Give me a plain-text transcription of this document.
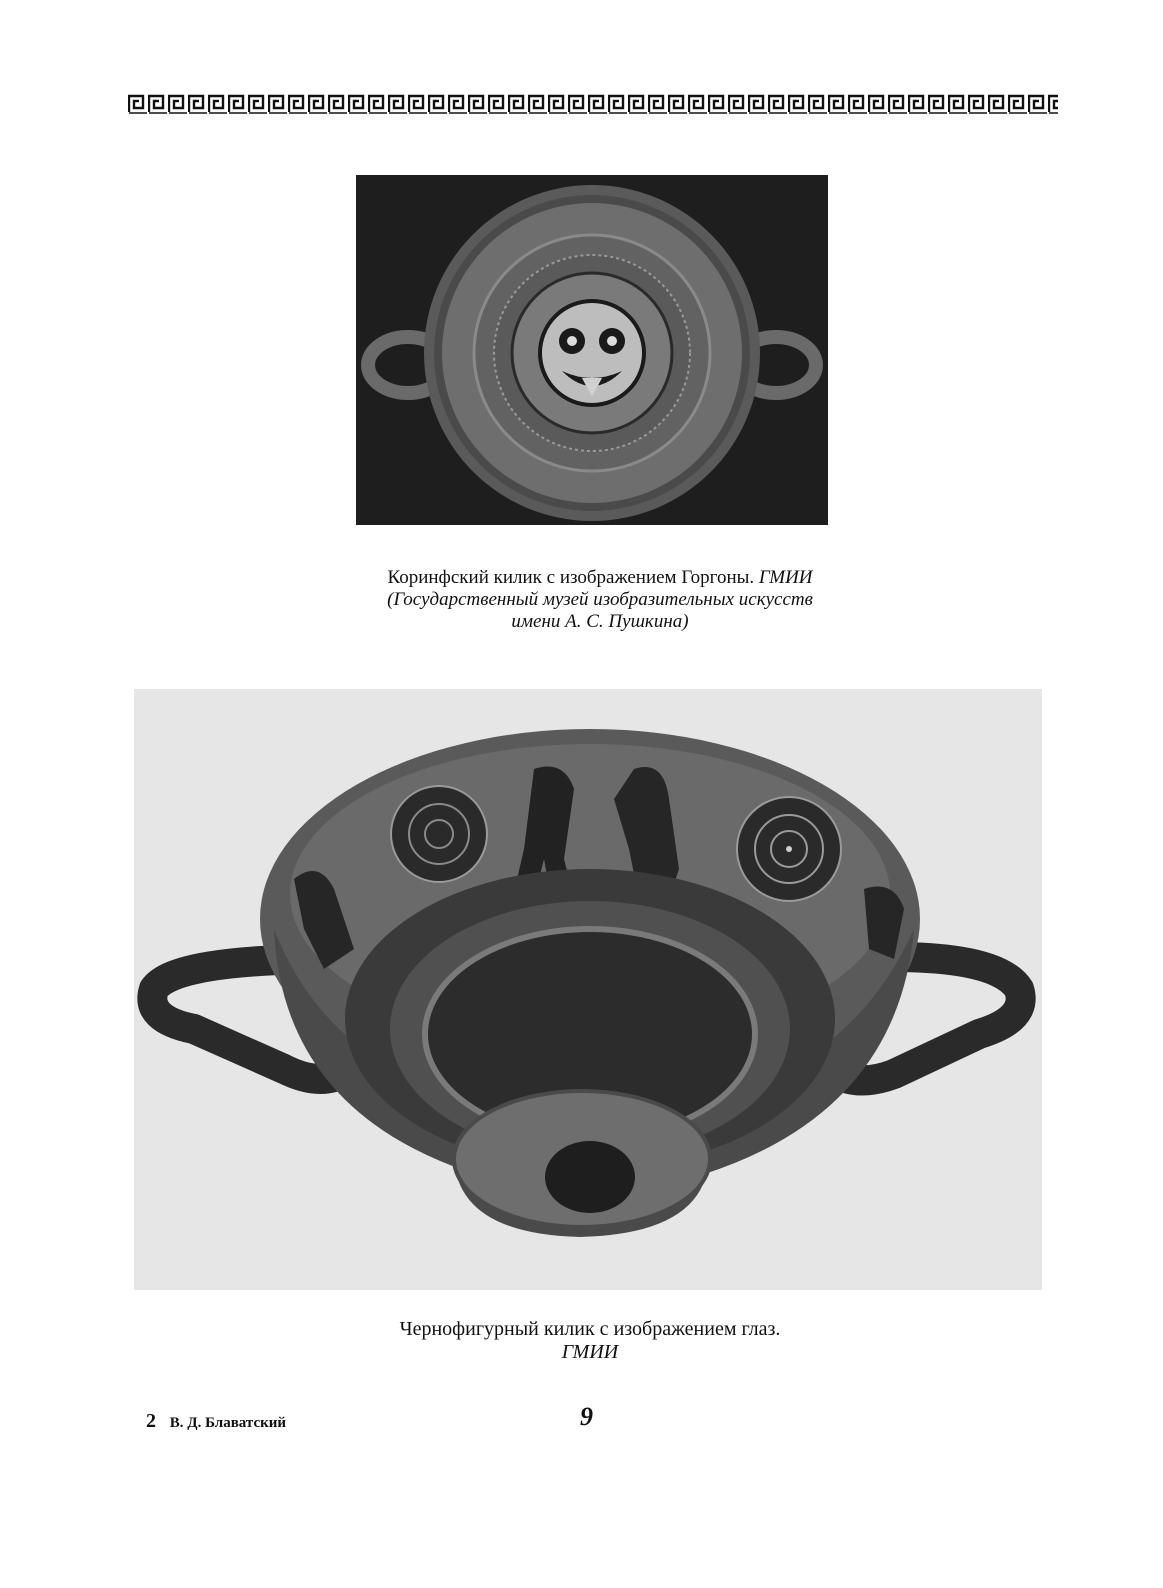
Коринфский килик с изображением Горгоны. ГМИИ
(Государственный музей изобразительных искусств
имени А. С. Пушкина)
Чернофигурный килик с изображением глаз.
ГМИИ
2 В. Д. Блаватский	9
